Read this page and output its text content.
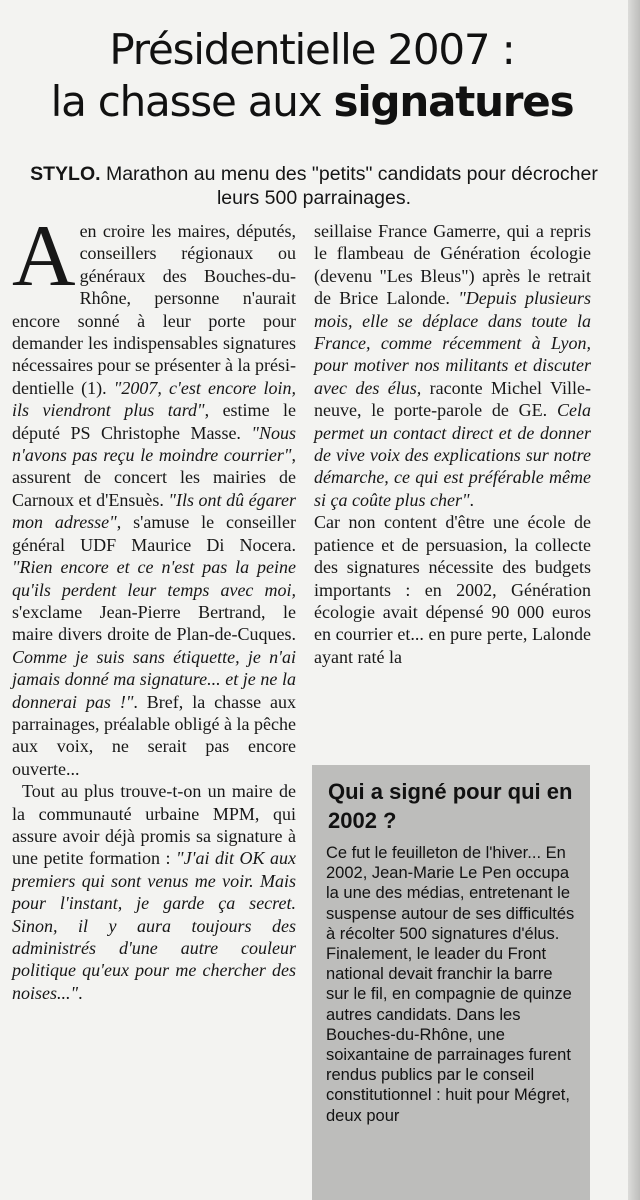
Présidentielle 2007 :
la chasse aux signatures
STYLO. Marathon au menu des "petits" candidats pour décrocher leurs 500 parrainages.

Aen croire les maires, députés, conseillers régionaux ou généraux des Bouches-du-Rhône, personne n'aurait encore sonné à leur porte pour demander les indispensables signatures nécessaires pour se présenter à la présidentielle (1). "2007, c'est encore loin, ils viendront plus tard", estime le député PS Christophe Masse. "Nous n'avons pas reçu le moindre courrier", assurent de concert les mairies de Carnoux et d'Ensuès. "Ils ont dû égarer mon adresse", s'amuse le conseiller général UDF Maurice Di Nocera. "Rien encore et ce n'est pas la peine qu'ils perdent leur temps avec moi, s'exclame Jean-Pierre Bertrand, le maire divers droite de Plan-de-Cuques. Comme je suis sans étiquette, je n'ai jamais donné ma signature... et je ne la donnerai pas !". Bref, la chasse aux parrainages, préalable obligé à la pêche aux voix, ne serait pas encore ouverte...

Tout au plus trouve-t-on un maire de la communauté urbaine MPM, qui assure avoir déjà promis sa signature à une petite formation : "J'ai dit OK aux premiers qui sont venus me voir. Mais pour l'instant, je garde ça secret. Sinon, il y aura toujours des administrés d'une autre couleur politique qu'eux pour me chercher des noises...".

seillaise France Gamerre, qui a repris le flambeau de Génération écologie (devenu "Les Bleus") après le retrait de Brice Lalonde. "Depuis plusieurs mois, elle se déplace dans toute la France, comme récemment à Lyon, pour motiver nos militants et discuter avec des élus, raconte Michel Villeneuve, le porte-parole de GE. Cela permet un contact direct et de donner de vive voix des explications sur notre démarche, ce qui est préférable même si ça coûte plus cher".

Car non content d'être une école de patience et de persuasion, la collecte des signatures nécessite des budgets importants : en 2002, Génération écologie avait dépensé 90 000 euros en courrier et... en pure perte, Lalonde ayant raté la

Qui a signé pour qui en 2002 ?
Ce fut le feuilleton de l'hiver... En 2002, Jean-Marie Le Pen occupa la une des médias, entretenant le suspense autour de ses difficultés à récolter 500 signatures d'élus. Finalement, le leader du Front national devait franchir la barre sur le fil, en compagnie de quinze autres candidats. Dans les Bouches-du-Rhône, une soixantaine de parrainages furent rendus publics par le conseil constitutionnel : huit pour Mégret, deux pour
